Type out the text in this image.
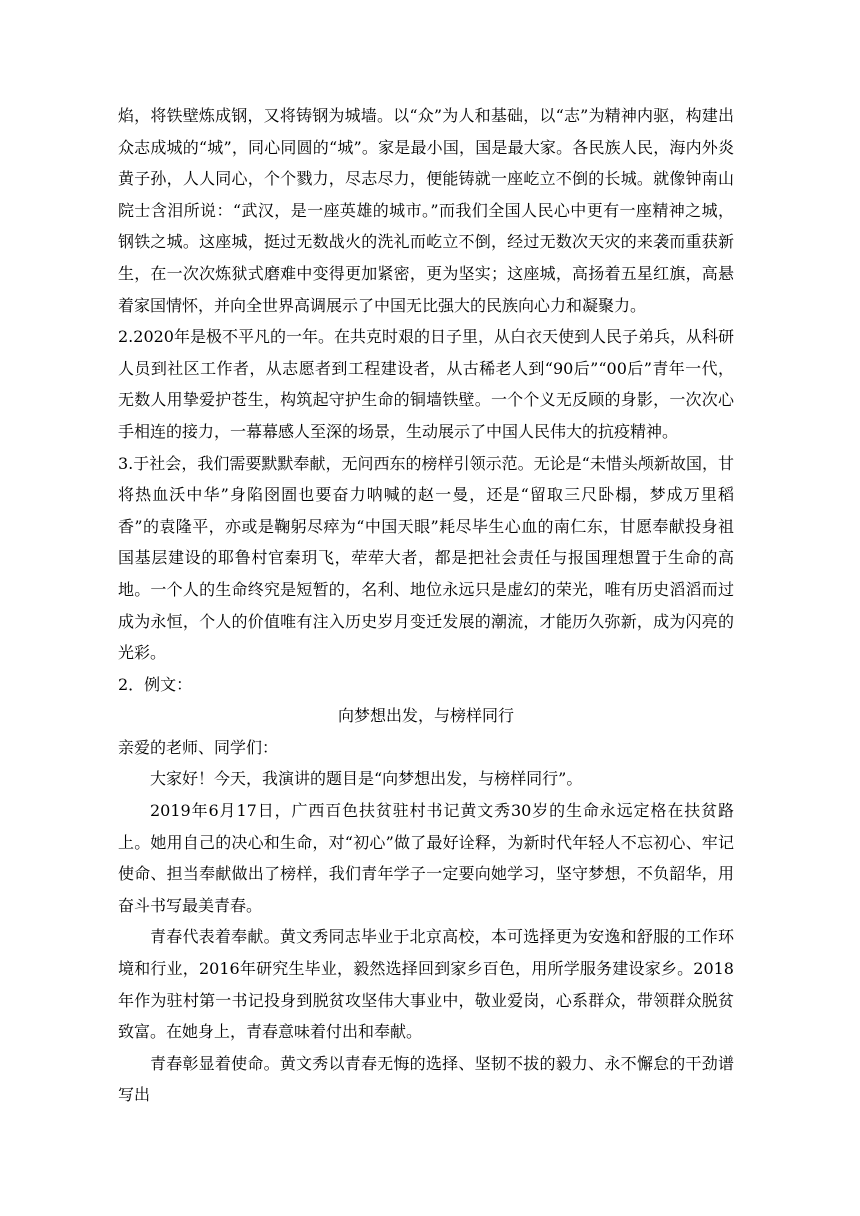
焰，将铁壁炼成钢，又将铸钢为城墙。以“众”为人和基础，以“志”为精神内驱，构建出众志成城的“城”，同心同圆的“城”。家是最小国，国是最大家。各民族人民，海内外炎黄子孙，人人同心，个个戮力，尽志尽力，便能铸就一座屹立不倒的长城。就像钟南山院士含泪所说：“武汉，是一座英雄的城市。”而我们全国人民心中更有一座精神之城，钢铁之城。这座城，挺过无数战火的洗礼而屹立不倒，经过无数次天灾的来袭而重获新生，在一次次炼狱式磨难中变得更加紧密，更为坚实；这座城，高扬着五星红旗，高悬着家国情怀，并向全世界高调展示了中国无比强大的民族向心力和凝聚力。

2.2020年是极不平凡的一年。在共克时艰的日子里，从白衣天使到人民子弟兵，从科研人员到社区工作者，从志愿者到工程建设者，从古稀老人到“90后”“00后”青年一代，无数人用挚爱护苍生，构筑起守护生命的铜墙铁壁。一个个义无反顾的身影，一次次心手相连的接力，一幕幕感人至深的场景，生动展示了中国人民伟大的抗疫精神。

3.于社会，我们需要默默奉献，无问西东的榜样引领示范。无论是“未惜头颅新故国，甘将热血沃中华”身陷囹圄也要奋力呐喊的赵一曼，还是“留取三尺卧榻，梦成万里稻香”的袁隆平，亦或是鞠躬尽瘁为“中国天眼”耗尽毕生心血的南仁东，甘愿奉献投身祖国基层建设的耶鲁村官秦玥飞，荦荦大者，都是把社会责任与报国理想置于生命的高地。一个人的生命终究是短暂的，名利、地位永远只是虚幻的荣光，唯有历史滔滔而过成为永恒，个人的价值唯有注入历史岁月变迁发展的潮流，才能历久弥新，成为闪亮的光彩。

2．例文：

向梦想出发，与榜样同行

亲爱的老师、同学们：

大家好！今天，我演讲的题目是“向梦想出发，与榜样同行”。

2019年6月17日，广西百色扶贫驻村书记黄文秀30岁的生命永远定格在扶贫路上。她用自己的决心和生命，对“初心”做了最好诠释，为新时代年轻人不忘初心、牢记使命、担当奉献做出了榜样，我们青年学子一定要向她学习，坚守梦想，不负韶华，用奋斗书写最美青春。

青春代表着奉献。黄文秀同志毕业于北京高校，本可选择更为安逸和舒服的工作环境和行业，2016年研究生毕业，毅然选择回到家乡百色，用所学服务建设家乡。2018年作为驻村第一书记投身到脱贫攻坚伟大事业中，敬业爱岗，心系群众，带领群众脱贫致富。在她身上，青春意味着付出和奉献。

青春彰显着使命。黄文秀以青春无悔的选择、坚韧不拔的毅力、永不懈怠的干劲谱写出
